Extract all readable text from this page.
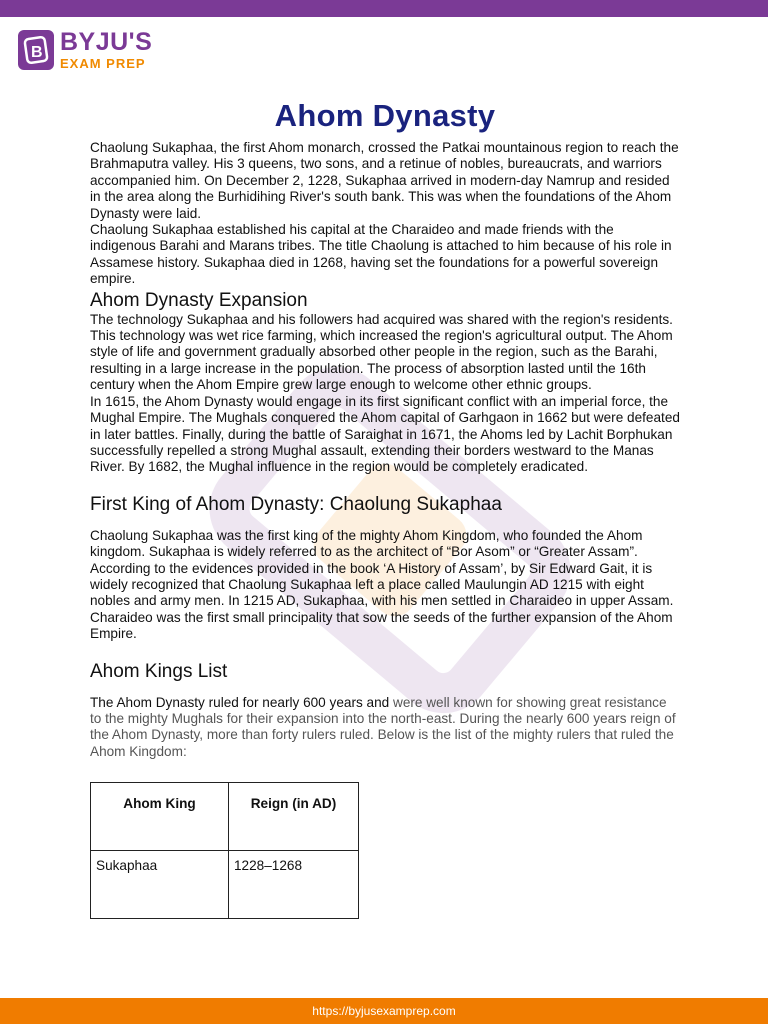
B BYJU'S
EXAM PREP
Ahom Dynasty

Chaolung Sukaphaa, the first Ahom monarch, crossed the Patkai mountainous region to reach the Brahmaputra valley. His 3 queens, two sons, and a retinue of nobles, bureaucrats, and warriors accompanied him. On December 2, 1228, Sukaphaa arrived in modern-day Namrup and resided in the area along the Burhidihing River's south bank. This was when the foundations of the Ahom Dynasty were laid.

Chaolung Sukaphaa established his capital at the Charaideo and made friends with the indigenous Barahi and Marans tribes. The title Chaolung is attached to him because of his role in Assamese history. Sukaphaa died in 1268, having set the foundations for a powerful sovereign empire.

Ahom Dynasty Expansion

The technology Sukaphaa and his followers had acquired was shared with the region's residents. This technology was wet rice farming, which increased the region's agricultural output. The Ahom style of life and government gradually absorbed other people in the region, such as the Barahi, resulting in a large increase in the population. The process of absorption lasted until the 16th century when the Ahom Empire grew large enough to welcome other ethnic groups.

In 1615, the Ahom Dynasty would engage in its first significant conflict with an imperial force, the Mughal Empire. The Mughals conquered the Ahom capital of Garhgaon in 1662 but were defeated in later battles. Finally, during the battle of Saraighat in 1671, the Ahoms led by Lachit Borphukan successfully repelled a strong Mughal assault, extending their borders westward to the Manas River. By 1682, the Mughal influence in the region would be completely eradicated.

First King of Ahom Dynasty: Chaolung Sukaphaa

Chaolung Sukaphaa was the first king of the mighty Ahom Kingdom, who founded the Ahom kingdom. Sukaphaa is widely referred to as the architect of “Bor Asom” or “Greater Assam”. According to the evidences provided in the book ‘A History of Assam’, by Sir Edward Gait, it is widely recognized that Chaolung Sukaphaa left a place called Maulungin AD 1215 with eight nobles and army men. In 1215 AD, Sukaphaa, with his men settled in Charaideo in upper Assam. Charaideo was the first small principality that sow the seeds of the further expansion of the Ahom Empire.

Ahom Kings List

The Ahom Dynasty ruled for nearly 600 years and were well known for showing great resistance to the mighty Mughals for their expansion into the north-east. During the nearly 600 years reign of the Ahom Dynasty, more than forty rulers ruled. Below is the list of the mighty rulers that ruled the Ahom Kingdom:

Ahom King	Reign (in AD)
Sukaphaa	1228–1268
https://byjusexamprep.com
